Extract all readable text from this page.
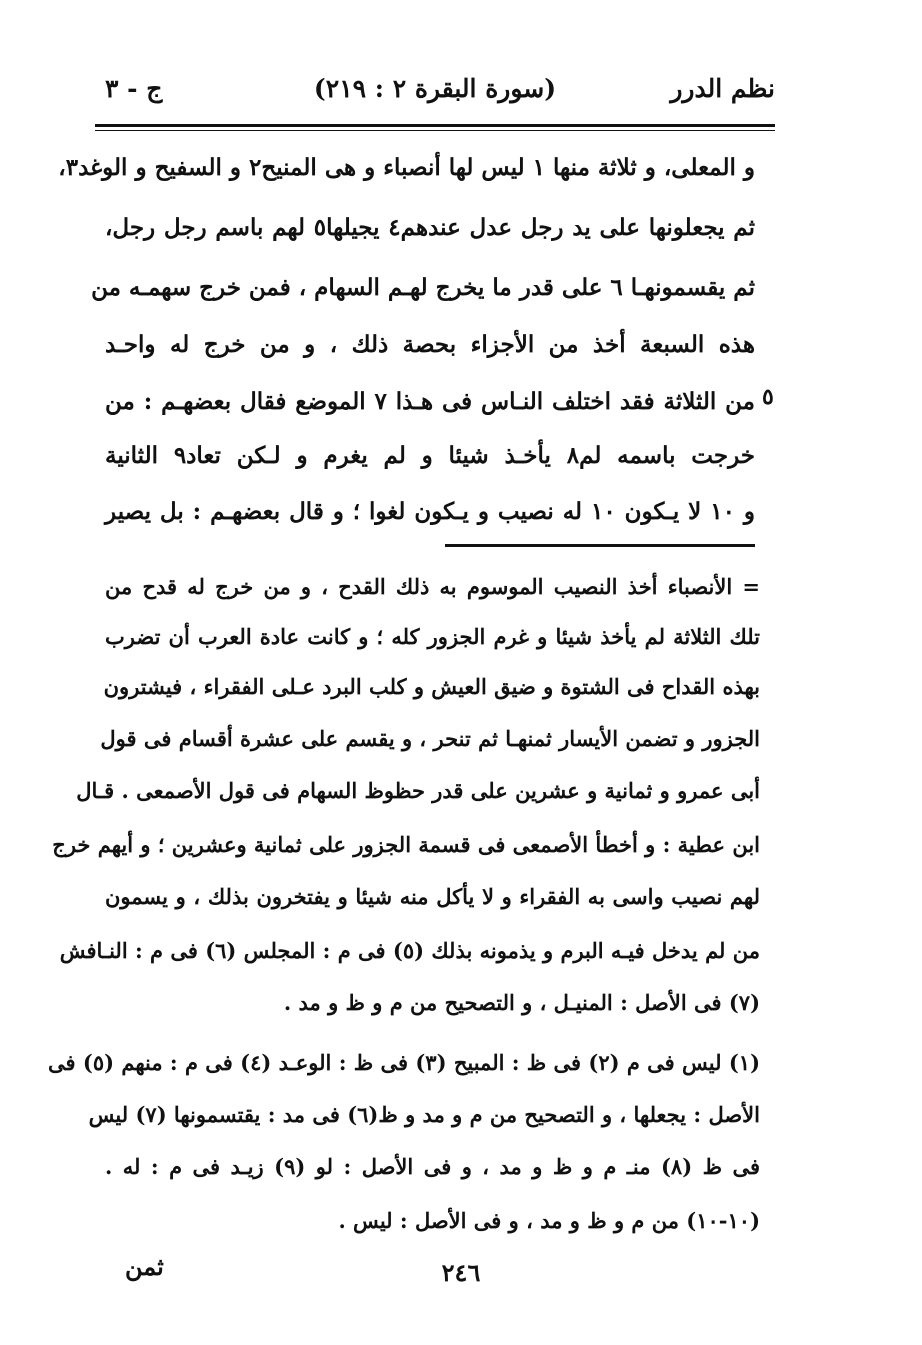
نظم الدرر
(سورة البقرة ٢ : ٢١٩)
ج - ٣
و المعلى، و ثلاثة منها ١ ليس لها أنصباء و هى المنيح٢ و السفيح و الوغد٣،
ثم يجعلونها على يد رجل عدل عندهم٤ يجيلها٥ لهم باسم رجل رجل،
ثم يقسمونهـا ٦ على قدر ما يخرج لهـم السهام ، فمن خرج سهمـه من
هذه السبعة أخذ من الأجزاء بحصة ذلك ، و من خرج له واحـد
من الثلاثة فقد اختلف النـاس فى هـذا ٧ الموضع فقال بعضهـم : من ٥
خرجت باسمه لم٨ يأخـذ شيئا و لم يغرم و لـكن تعاد٩ الثانية
و ١٠ لا يـكون ١٠ له نصيب و يـكون لغوا ؛ و قال بعضهـم : بل يصير
= الأنصباء أخذ النصيب الموسوم به ذلك القدح ، و من خرج له قدح من
تلك الثلاثة لم يأخذ شيئا و غرم الجزور كله ؛ و كانت عادة العرب أن تضرب
بهذه القداح فى الشتوة و ضيق العيش و كلب البرد عـلى الفقراء ، فيشترون
الجزور و تضمن الأيسار ثمنهـا ثم تنحر ، و يقسم على عشرة أقسام فى قول
أبى عمرو و ثمانية و عشرين على قدر حظوظ السهام فى قول الأصمعى . قـال
ابن عطية : و أخطأ الأصمعى فى قسمة الجزور على ثمانية وعشرين ؛ و أيهم خرج
لهم نصيب واسى به الفقراء و لا يأكل منه شيئا و يفتخرون بذلك ، و يسمون
من لم يدخل فيـه البرم و يذمونه بذلك (٥) فى م : المجلس (٦) فى م : النـافش
(٧) فى الأصل : المنيـل ، و التصحيح من م و ظ و مد .
(١) ليس فى م (٢) فى ظ : المبيح (٣) فى ظ : الوعـد (٤) فى م : منهم (٥) فى
الأصل : يجعلها ، و التصحيح من م و مد و ظ(٦) فى مد : يقتسمونها (٧) ليس
فى ظ (٨) منـ م و ظ و مد ، و فى الأصل : لو (٩) زيـد فى م : له .
(١٠-١٠) من م و ظ و مد ، و فى الأصل : ليس .
٢٤٦
ثمن
